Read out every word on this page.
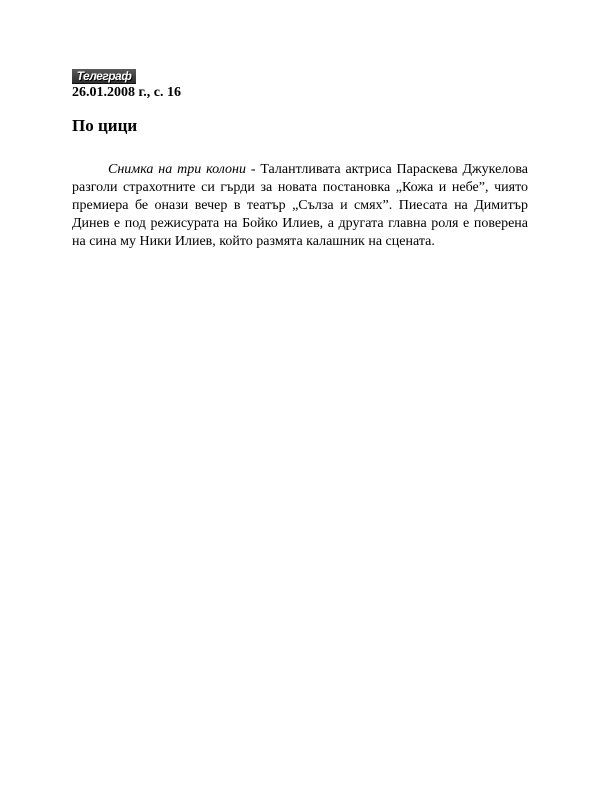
Телеграф
26.01.2008 г., с. 16
По цици

Снимка на три колони - Талантливата актриса Параскева Джукелова разголи страхотните си гърди за новата постановка „Кожа и небе”, чиято премиера бе онази вечер в театър „Сълза и смях”. Пиесата на Димитър Динев е под режисурата на Бойко Илиев, а другата главна роля е поверена на сина му Ники Илиев, който размята калашник на сцената.
